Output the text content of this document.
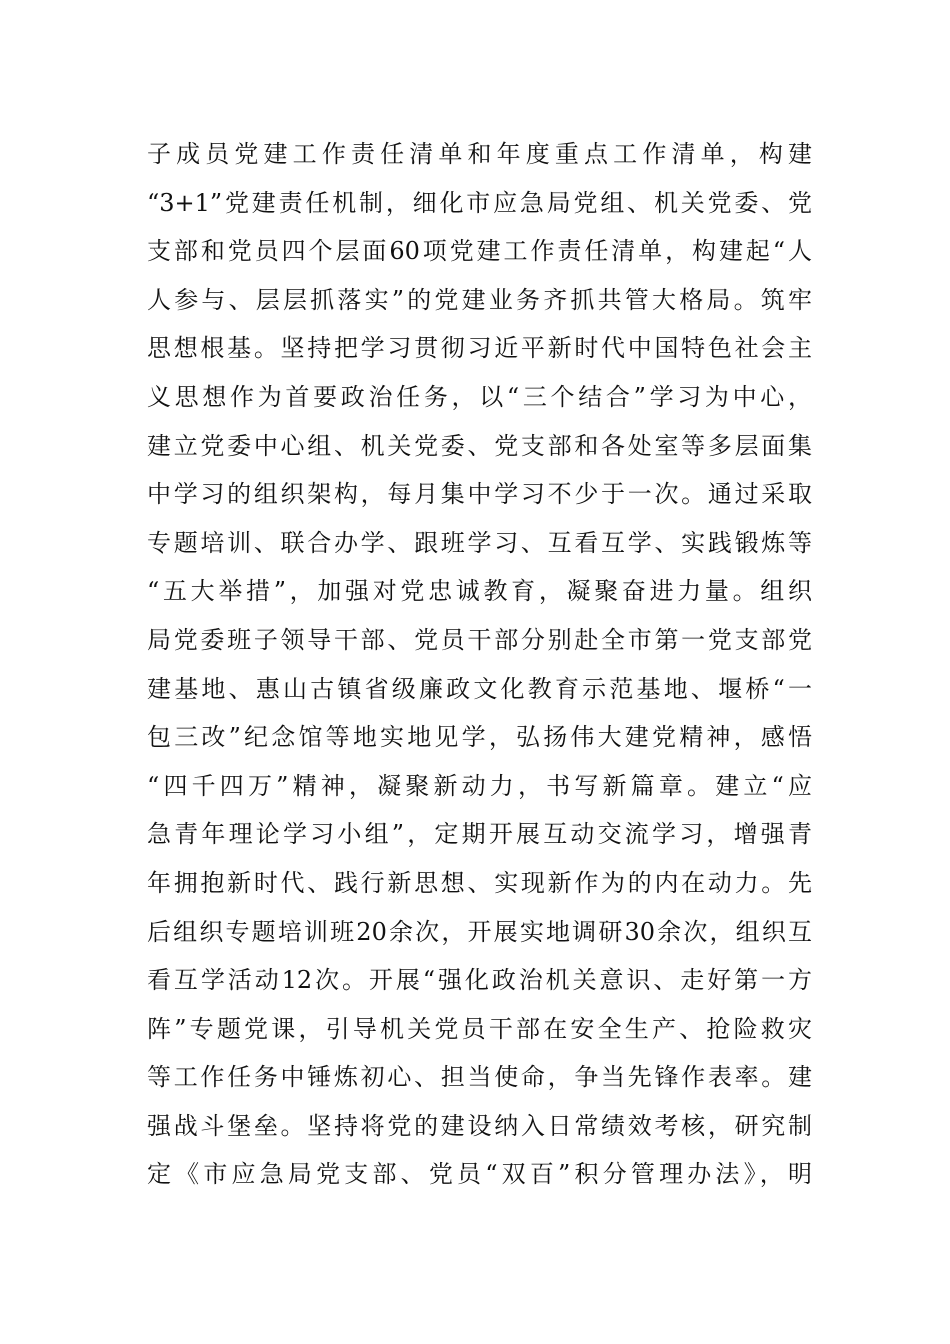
子成员党建工作责任清单和年度重点工作清单，构建
“3+1”党建责任机制，细化市应急局党组、机关党委、党
支部和党员四个层面60项党建工作责任清单，构建起“人
人参与、层层抓落实”的党建业务齐抓共管大格局。筑牢
思想根基。坚持把学习贯彻习近平新时代中国特色社会主
义思想作为首要政治任务，以“三个结合”学习为中心，
建立党委中心组、机关党委、党支部和各处室等多层面集
中学习的组织架构，每月集中学习不少于一次。通过采取
专题培训、联合办学、跟班学习、互看互学、实践锻炼等
“五大举措”，加强对党忠诚教育，凝聚奋进力量。组织
局党委班子领导干部、党员干部分别赴全市第一党支部党
建基地、惠山古镇省级廉政文化教育示范基地、堰桥“一
包三改”纪念馆等地实地见学，弘扬伟大建党精神，感悟
“四千四万”精神，凝聚新动力，书写新篇章。建立“应
急青年理论学习小组”，定期开展互动交流学习，增强青
年拥抱新时代、践行新思想、实现新作为的内在动力。先
后组织专题培训班20余次，开展实地调研30余次，组织互
看互学活动12次。开展“强化政治机关意识、走好第一方
阵”专题党课，引导机关党员干部在安全生产、抢险救灾
等工作任务中锤炼初心、担当使命，争当先锋作表率。建
强战斗堡垒。坚持将党的建设纳入日常绩效考核，研究制
定《市应急局党支部、党员“双百”积分管理办法》，明
